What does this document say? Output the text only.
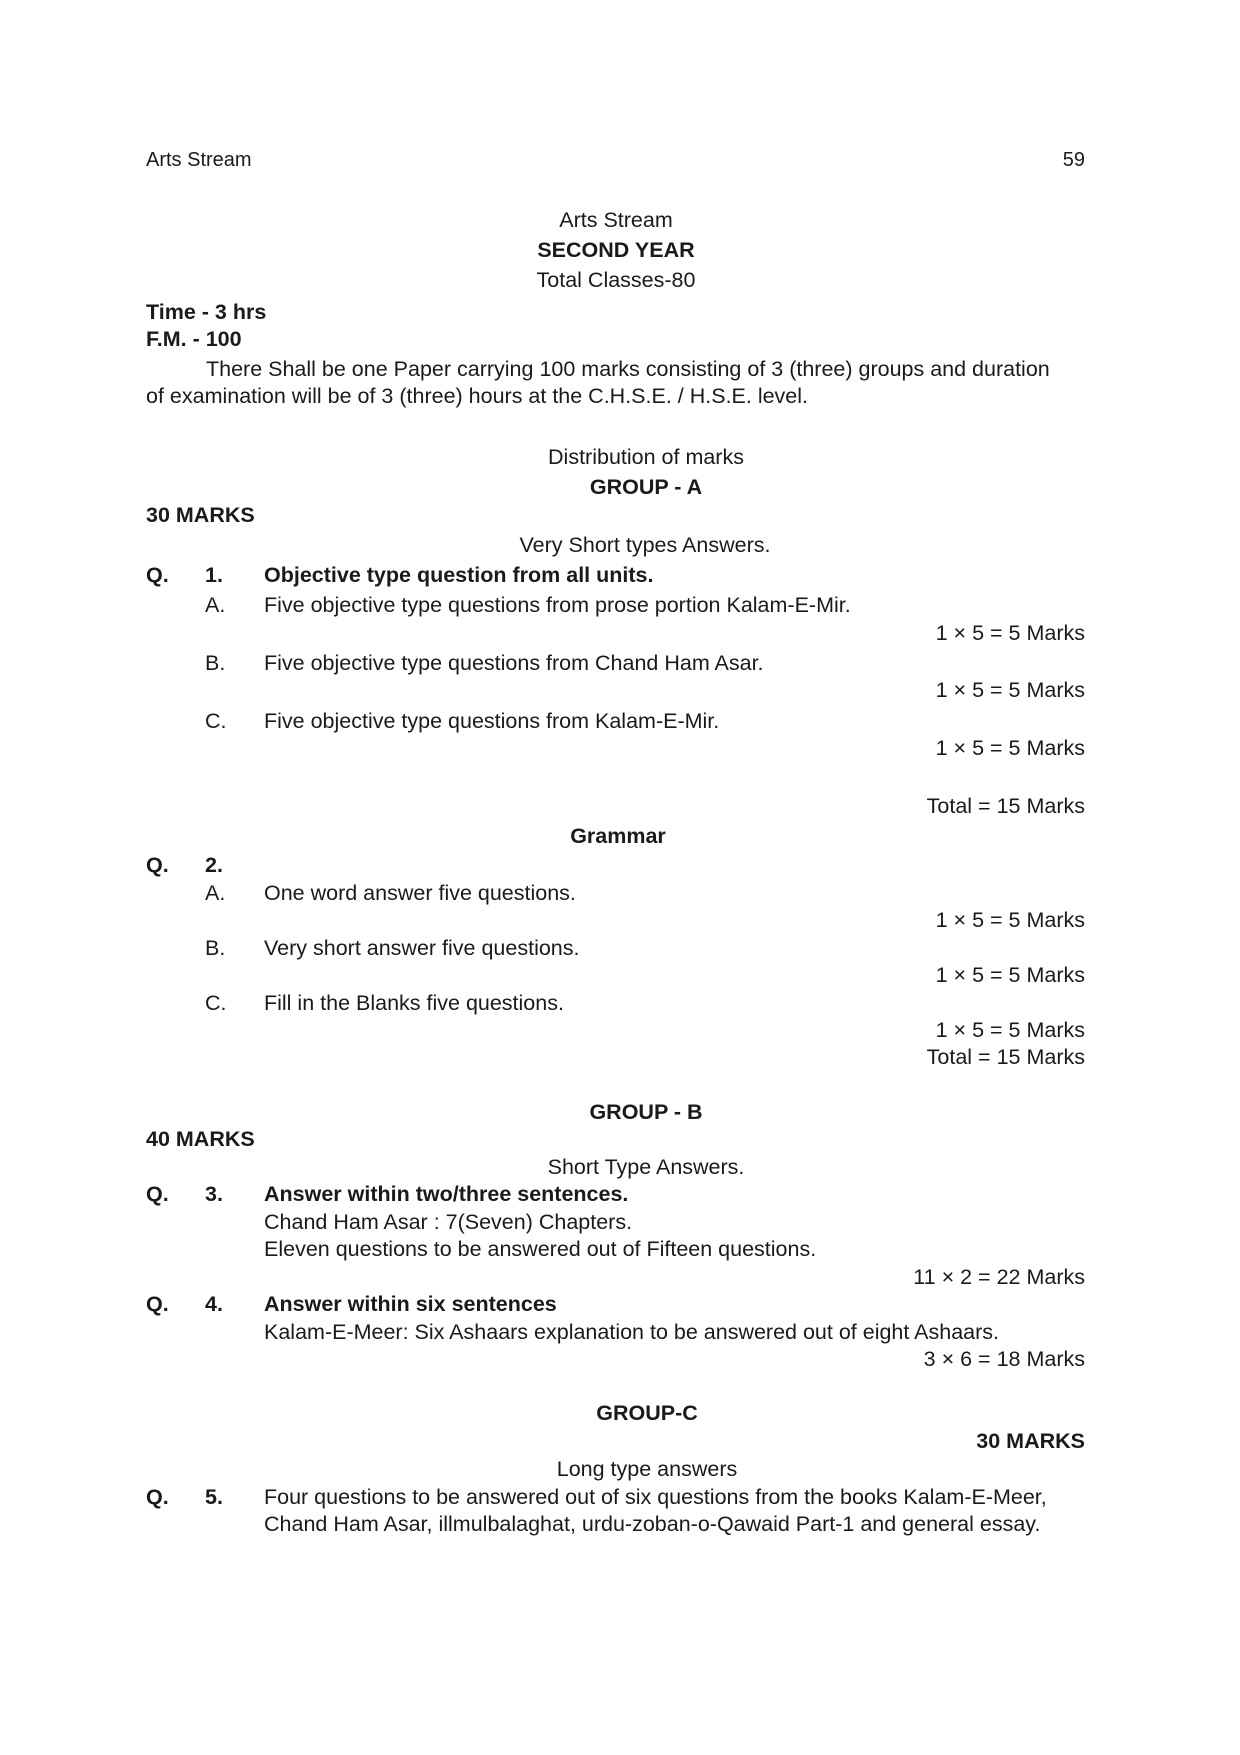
Arts Stream	59
Arts Stream
SECOND YEAR
Total Classes-80
Time - 3 hrs
F.M. - 100
There Shall be one Paper carrying 100 marks consisting of 3 (three) groups and duration
of examination will be of 3 (three) hours at the C.H.S.E. / H.S.E. level.
Distribution of marks
GROUP - A
30 MARKS
Very Short types Answers.
Q. 1. Objective type question from all units.
A. Five objective type questions from prose portion Kalam-E-Mir.
1 × 5 = 5 Marks
B. Five objective type questions from Chand Ham Asar.
1 × 5 = 5 Marks
C. Five objective type questions from Kalam-E-Mir.
1 × 5 = 5 Marks
Total = 15 Marks
Grammar
Q. 2.
A. One word answer five questions.
1 × 5 = 5 Marks
B. Very short answer five questions.
1 × 5 = 5 Marks
C. Fill in the Blanks five questions.
1 × 5 = 5 Marks
Total = 15 Marks
GROUP - B
40 MARKS
Short Type Answers.
Q. 3. Answer within two/three sentences.
Chand Ham Asar : 7(Seven) Chapters.
Eleven questions to be answered out of Fifteen questions.
11 × 2 = 22 Marks
Q. 4. Answer within six sentences
Kalam-E-Meer: Six Ashaars explanation to be answered out of eight Ashaars.
3 × 6 = 18 Marks
GROUP-C
30 MARKS
Long type answers
Q. 5. Four questions to be answered out of six questions from the books Kalam-E-Meer,
Chand Ham Asar, illmulbalaghat, urdu-zoban-o-Qawaid Part-1 and general essay.
